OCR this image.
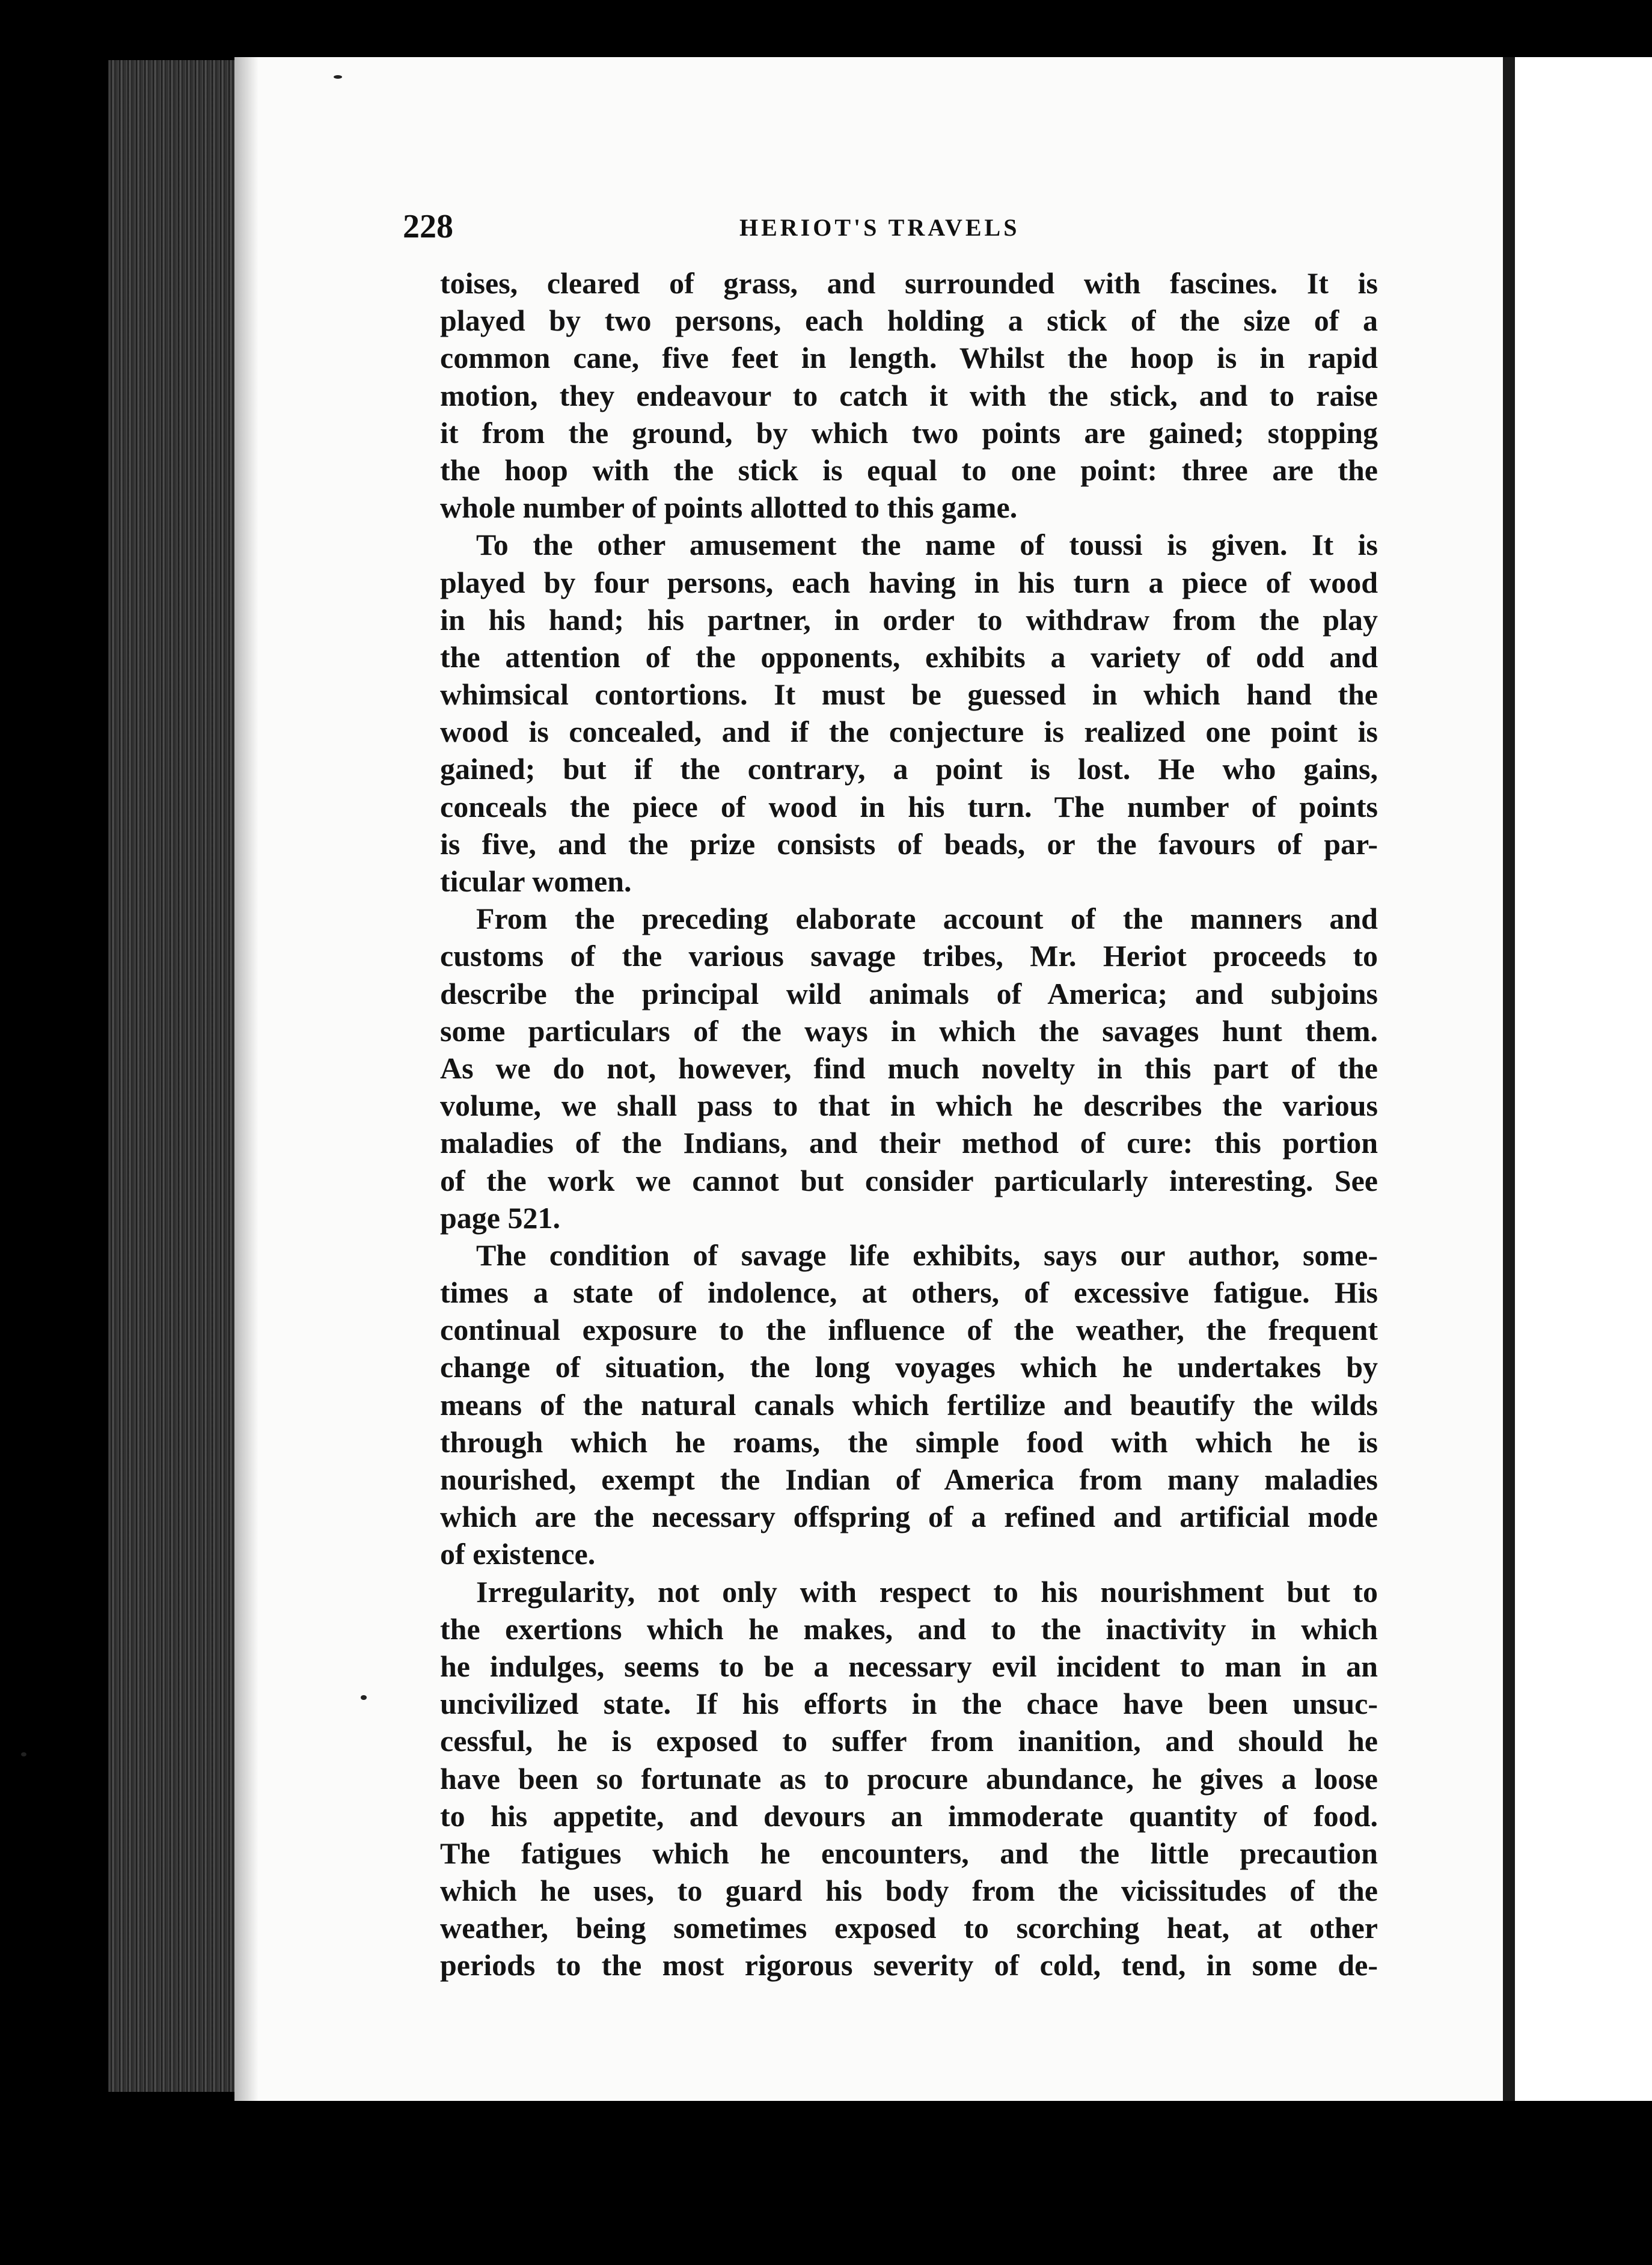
228	HERIOT'S TRAVELS
toises, cleared of grass, and surrounded with fascines. It is
played by two persons, each holding a stick of the size of a
common cane, five feet in length. Whilst the hoop is in rapid
motion, they endeavour to catch it with the stick, and to raise
it from the ground, by which two points are gained; stopping
the hoop with the stick is equal to one point: three are the
whole number of points allotted to this game.
To the other amusement the name of toussi is given. It is
played by four persons, each having in his turn a piece of wood
in his hand; his partner, in order to withdraw from the play
the attention of the opponents, exhibits a variety of odd and
whimsical contortions. It must be guessed in which hand the
wood is concealed, and if the conjecture is realized one point is
gained; but if the contrary, a point is lost. He who gains,
conceals the piece of wood in his turn. The number of points
is five, and the prize consists of beads, or the favours of par-
ticular women.
From the preceding elaborate account of the manners and
customs of the various savage tribes, Mr. Heriot proceeds to
describe the principal wild animals of America; and subjoins
some particulars of the ways in which the savages hunt them.
As we do not, however, find much novelty in this part of the
volume, we shall pass to that in which he describes the various
maladies of the Indians, and their method of cure: this portion
of the work we cannot but consider particularly interesting. See
page 521.
The condition of savage life exhibits, says our author, some-
times a state of indolence, at others, of excessive fatigue. His
continual exposure to the influence of the weather, the frequent
change of situation, the long voyages which he undertakes by
means of the natural canals which fertilize and beautify the wilds
through which he roams, the simple food with which he is
nourished, exempt the Indian of America from many maladies
which are the necessary offspring of a refined and artificial mode
of existence.
Irregularity, not only with respect to his nourishment but to
the exertions which he makes, and to the inactivity in which
he indulges, seems to be a necessary evil incident to man in an
uncivilized state. If his efforts in the chace have been unsuc-
cessful, he is exposed to suffer from inanition, and should he
have been so fortunate as to procure abundance, he gives a loose
to his appetite, and devours an immoderate quantity of food.
The fatigues which he encounters, and the little precaution
which he uses, to guard his body from the vicissitudes of the
weather, being sometimes exposed to scorching heat, at other
periods to the most rigorous severity of cold, tend, in some de-
